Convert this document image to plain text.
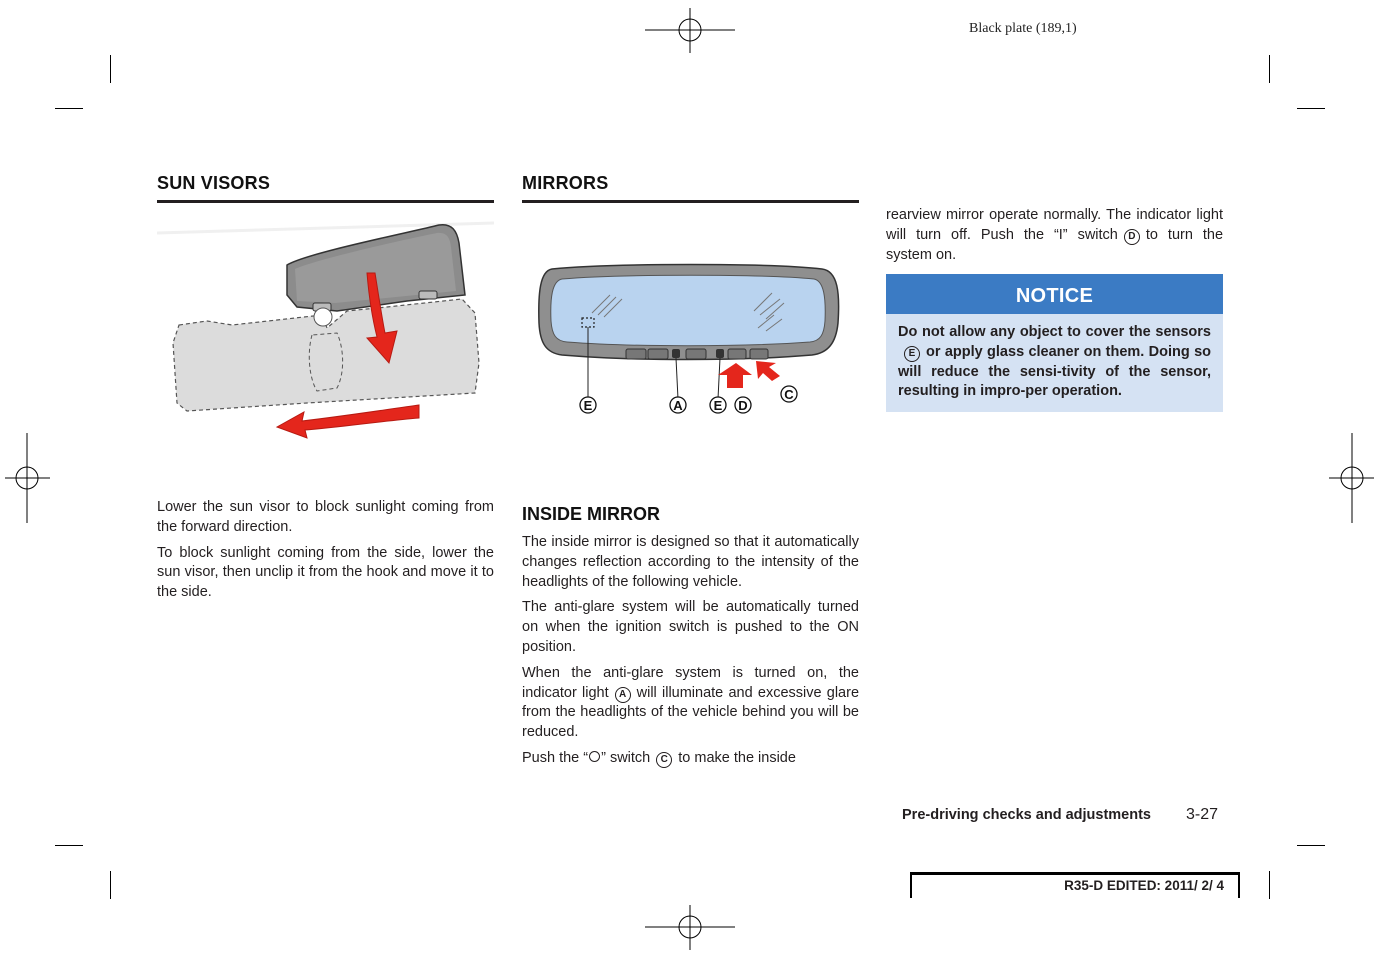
Black plate (189,1)
SUN VISORS

Lower the sun visor to block sunlight coming from the forward direction.

To block sunlight coming from the side, lower the sun visor, then unclip it from the hook and move it to the side.

MIRRORS
E	A E D
C
INSIDE MIRROR

The inside mirror is designed so that it automatically changes reflection according to the intensity of the headlights of the following vehicle.

The anti-glare system will be automatically turned on when the ignition switch is pushed to the ON position.

When the anti-glare system is turned on, the indicator light A will illuminate and excessive glare from the headlights of the vehicle behind you will be reduced.

Push the “ ” switch C to make the inside

rearview mirror operate normally. The indicator light will turn off. Push the “I” switch D to turn the system on.

NOTICE
Do not allow any object to cover the sensorsE or apply glass cleaner on them. Doing so will reduce the sensi-tivity of the sensor, resulting in impro-per operation.
Pre-driving checks and adjustments 3-27
R35-D EDITED: 2011/ 2/ 4
